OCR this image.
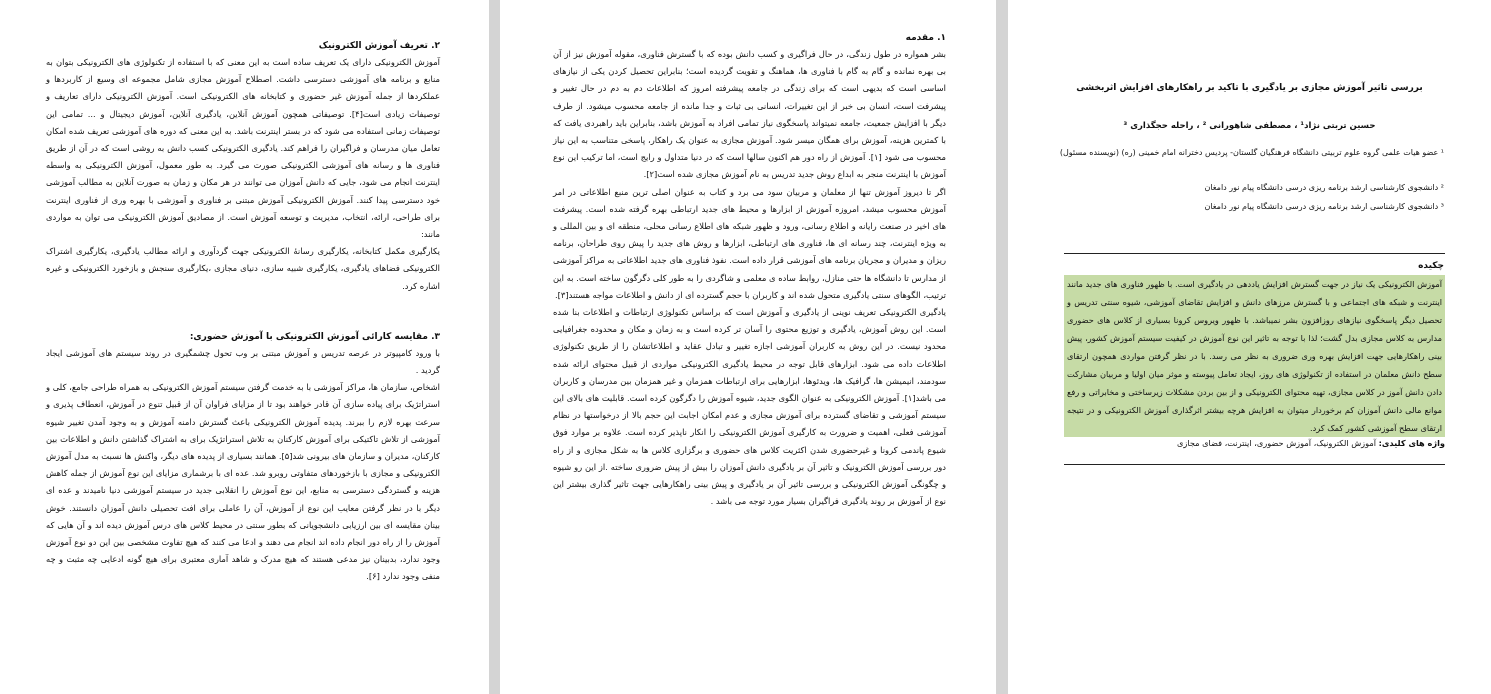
بررسی تاثیر آموزش مجازی بر یادگیری با تاکید بر راهکارهای افزایش اثربخشی
حسین تربتی نژاد¹ ، مصطفی شاهورانی ² ، راحله حجگذاری ³
¹ عضو هیات علمی گروه علوم تربیتی دانشگاه فرهنگیان گلستان- پردیس دخترانه امام خمینی (ره) (نویسنده مسئول)
² دانشجوی کارشناسی ارشد برنامه ریزی درسی دانشگاه پیام نور دامغان
³ دانشجوی کارشناسی ارشد برنامه ریزی درسی دانشگاه پیام نور دامغان
چکیده
آموزش الکترونیکی یک نیاز در جهت گسترش افزایش یاددهی در یادگیری است. با ظهور فناوری های جدید مانند اینترنت و شبکه های اجتماعی و با گسترش مرزهای دانش و افزایش تقاضای آموزشی، شیوه سنتی تدریس و تحصیل دیگر پاسخگوی نیازهای روزافزون بشر نمیباشد. با ظهور ویروس کرونا بسیاری از کلاس های حضوری مدارس به کلاس مجازی بدل گشت؛ لذا با توجه به تاثیر این نوع آموزش در کیفیت سیستم آموزش کشور، پیش بینی راهکارهایی جهت افزایش بهره وری ضروری به نظر می رسد. با در نظر گرفتن مواردی همچون ارتقای سطح دانش معلمان در استفاده از تکنولوژی های روز، ایجاد تعامل پیوسته و موثر میان اولیا و مربیان مشارکت دادن دانش آموز در کلاس مجازی، تهیه محتوای الکترونیکی و از بین بردن مشکلات زیرساختی و مخابراتی و رفع موانع مالی دانش آموزان کم برخوردار میتوان به افزایش هرچه بیشتر اثرگذاری آموزش الکترونیکی و در نتیجه ارتقای سطح آموزشی کشور کمک کرد.
واژه های کلیدی: آموزش الکترونیک، آموزش حضوری، اینترنت، فضای مجازی

۱. مقدمه

بشر همواره در طول زندگی، در حال فراگیری و کسب دانش بوده که با گسترش فناوری، مقوله آموزش نیز از آن بی بهره نمانده و گام به گام با فناوری ها، هماهنگ و تقویت گردیده است؛ بنابراین تحصیل کردن یکی از نیازهای اساسی است که بدیهی است که برای زندگی در جامعه پیشرفته امروز که اطلاعات دم به دم در حال تغییر و پیشرفت است، انسان بی خبر از این تغییرات، انسانی بی ثبات و جدا مانده از جامعه محسوب میشود. از طرف دیگر با افزایش جمعیت، جامعه نمیتواند پاسخگوی نیاز تمامی افراد به آموزش باشد، بنابراین باید راهبردی یافت که با کمترین هزینه، آموزش برای همگان میسر شود. آموزش مجازی به عنوان یک راهکار، پاسخی متناسب به این نیاز محسوب می شود [۱]. آموزش از راه دور هم اکنون سالها است که در دنیا متداول و رایج است، اما ترکیب این نوع آموزش با اینترنت منجر به ابداع روش جدید تدریس به نام آموزش مجازی شده است[۲].

اگر تا دیروز آموزش تنها از معلمان و مربیان سود می برد و کتاب به عنوان اصلی ترین منبع اطلاعاتی در امر آموزش محسوب میشد، امروزه آموزش از ابزارها و محیط های جدید ارتباطی بهره گرفته شده است. پیشرفت های اخیر در صنعت رایانه و اطلاع رسانی، ورود و ظهور شبکه های اطلاع رسانی محلی، منطقه ای و بین المللی و به ویژه اینترنت، چند رسانه ای ها، فناوری های ارتباطی، ابزارها و روش های جدید را پیش روی طراحان، برنامه ریزان و مدیران و مجریان برنامه های آموزشی قرار داده است. نفوذ فناوری های جدید اطلاعاتی به مراکز آموزشی از مدارس تا دانشگاه ها حتی منازل، روابط ساده ی معلمی و شاگردی را به طور کلی دگرگون ساخته است. به این ترتیب، الگوهای سنتی یادگیری متحول شده اند و کاربران با حجم گسترده ای از دانش و اطلاعات مواجه هستند[۳].

یادگیری الکترونیکی تعریف نوینی از یادگیری و آموزش است که براساس تکنولوژی ارتباطات و اطلاعات بنا شده است. این روش آموزش، یادگیری و توزیع محتوی را آسان تر کرده است و به زمان و مکان و محدوده جغرافیایی محدود نیست. در این روش به کاربران آموزشی اجازه تغییر و تبادل عقاید و اطلاعاتشان را از طریق تکنولوژی اطلاعات داده می شود. ابزارهای قابل توجه در محیط یادگیری الکترونیکی مواردی از قبیل محتوای ارائه شده سودمند، انیمیشن ها، گرافیک ها، ویدئوها، ابزارهایی برای ارتباطات همزمان و غیر همزمان بین مدرسان و کاربران می باشد[۱]. آموزش الکترونیکی به عنوان الگوی جدید، شیوه آموزش را دگرگون کرده است. قابلیت های بالای این سیستم آموزشی و تقاضای گسترده برای آموزش مجازی و عدم امکان اجابت این حجم بالا از درخواستها در نظام آموزشی فعلی، اهمیت و ضرورت به کارگیری آموزش الکترونیکی را انکار ناپذیر کرده است. علاوه بر موارد فوق شیوع پاندمی کرونا و غیرحضوری شدن اکثریت کلاس های حضوری و برگزاری کلاس ها به شکل مجازی و از راه دور بررسی آموزش الکترونیک و تاثیر آن بر یادگیری دانش آموزان را بیش از پیش ضروری ساخته .از این رو شیوه و چگونگی آموزش الکترونیکی و بررسی تاثیر آن بر یادگیری و پیش بینی راهکارهایی جهت تاثیر گذاری بیشتر این نوع از آموزش بر روند یادگیری فراگیران بسیار مورد توجه می باشد .

۲. تعریف آموزش الکترونیک

آموزش الکترونیکی دارای یک تعریف ساده است به این معنی که با استفاده از تکنولوژی های الکترونیکی بتوان به منابع و برنامه های آموزشی دسترسی داشت. اصطلاح آموزش مجازی شامل مجموعه ای وسیع از کاربردها و عملکردها از جمله آموزش غیر حضوری و کتابخانه های الکترونیکی است. آموزش الکترونیکی دارای تعاریف و توصیفات زیادی است[۴]. توصیفاتی همچون آموزش آنلاین، یادگیری آنلاین، آموزش دیجیتال و ... تمامی این توصیفات زمانی استفاده می شود که در بستر اینترنت باشد. به این معنی که دوره های آموزشی تعریف شده امکان تعامل میان مدرسان و فراگیران را فراهم کند. یادگیری الکترونیکی کسب دانش به روشی است که در آن از طریق فناوری ها و رسانه های آموزشی الکترونیکی صورت می گیرد. به طور معمول، آموزش الکترونیکی به واسطه اینترنت انجام می شود، جایی که دانش آموزان می توانند در هر مکان و زمان به صورت آنلاین به مطالب آموزشی خود دسترسی پیدا کنند. آموزش الکترونیکی آموزش مبتنی بر فناوری و آموزشی با بهره وری از فناوری اینترنت برای طراحی، ارائه، انتخاب، مدیریت و توسعه آموزش است. از مصادیق آموزش الکترونیکی می توان به مواردی مانند:

یکارگیری مکمل کتابخانه، یکارگیری رسانهٔ الکترونیکی جهت گردآوری و ارائه مطالب یادگیری، یکارگیری اشتراک الکترونیکی فضاهای یادگیری، یکارگیری شبیه سازی، دنیای مجازی ،یکارگیری سنجش و بازخورد الکترونیکی و غیره اشاره کرد.

۳. مقایسه کارائی آموزش الکترونیکی با آموزش حضوری:

با ورود کامپیوتر در عرصه تدریس و آموزش مبتنی بر وب تحول چشمگیری در روند سیستم های آموزشی ایجاد گردید .

اشخاص، سازمان ها، مراکز آموزشی با به خدمت گرفتن سیستم آموزش الکترونیکی به همراه طراحی جامع، کلی و استراتژیک برای پیاده سازی آن قادر خواهند بود تا از مزایای فراوان آن از قبیل تنوع در آموزش، انعطاف پذیری و سرعت بهره لازم را ببرند. پدیده آموزش الکترونیکی باعث گسترش دامنه آموزش و به وجود آمدن تغییر شیوه آموزشی از تلاش تاکتیکی برای آموزش کارکنان به تلاش استراتژیک برای به اشتراک گذاشتن دانش و اطلاعات بین کارکنان، مدیران و سازمان های بیرونی شد[۵]. همانند بسیاری از پدیده های دیگر، واکنش ها نسبت به مدل آموزش الکترونیکی و مجازی با بازخوردهای متفاوتی روبرو شد. عده ای با برشماری مزایای این نوع آموزش از جمله کاهش هزینه و گستردگی دسترسی به منابع، این نوع آموزش را انقلابی جدید در سیستم آموزشی دنیا نامیدند و عده ای دیگر با در نظر گرفتن معایب این نوع از آموزش، آن را عاملی برای افت تحصیلی دانش آموزان دانستند. خوش بینان مقایسه ای بین ارزیابی دانشجویانی که بطور سنتی در محیط کلاس های درس آموزش دیده اند و آن هایی که آموزش را از راه دور انجام داده اند انجام می دهند و ادعا می کنند که هیچ تفاوت مشخصی بین این دو نوع آموزش وجود ندارد، بدبینان نیز مدعی هستند که هیچ مدرک و شاهد آماری معتبری برای هیچ گونه ادعایی چه مثبت و چه منفی وجود ندارد [۶].
